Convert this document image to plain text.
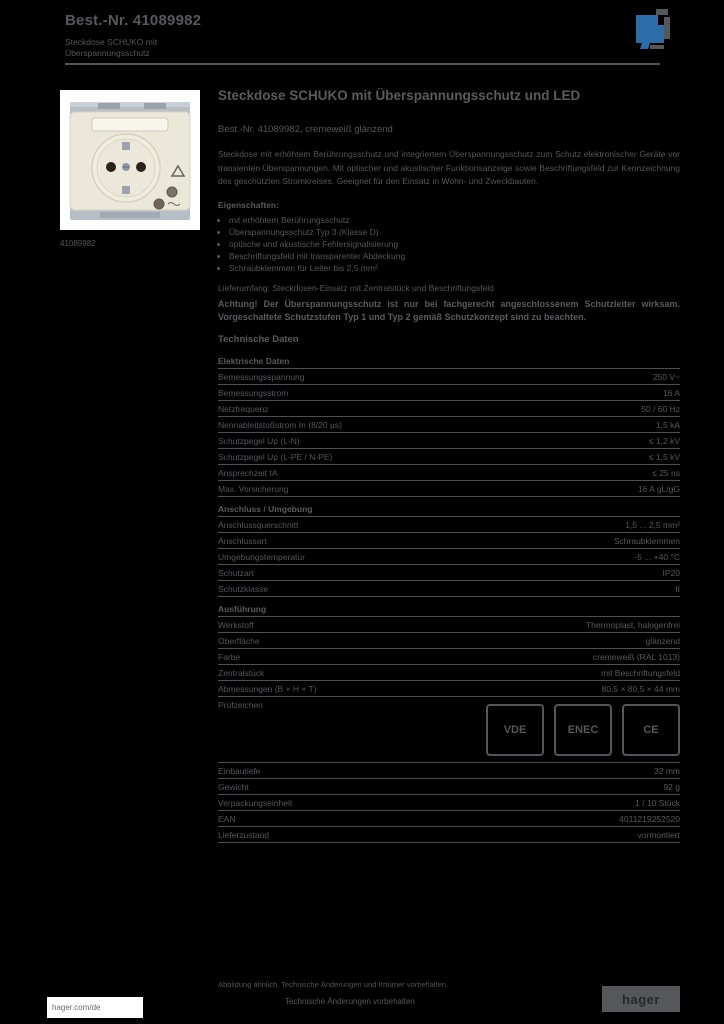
Best.-Nr. 41089982
Steckdose SCHUKO mit
Überspannungsschutz
41089982
Steckdose SCHUKO mit Überspannungsschutz und LED
Best.-Nr. 41089982, cremeweiß glänzend
Steckdose mit erhöhtem Berührungsschutz und integriertem Überspannungsschutz zum Schutz elektronischer Geräte vor transienten Überspannungen. Mit optischer und akustischer Funktionsanzeige sowie Beschriftungsfeld zur Kennzeichnung des geschützten Stromkreises. Geeignet für den Einsatz in Wohn- und Zweckbauten.
Eigenschaften:
• mit erhöhtem Berührungsschutz
• Überspannungsschutz Typ 3 (Klasse D)
• optische und akustische Fehlersignalisierung
• Beschriftungsfeld mit transparenter Abdeckung
• Schraubklemmen für Leiter bis 2,5 mm²
Lieferumfang: Steckdosen-Einsatz mit Zentralstück und Beschriftungsfeld
Achtung! Der Überspannungsschutz ist nur bei fachgerecht angeschlossenem Schutzleiter wirksam. Vorgeschaltete Schutzstufen Typ 1 und Typ 2 gemäß Schutzkonzept sind zu beachten.
Technische Daten
Elektrische Daten	
Bemessungsspannung	250 V~
Bemessungsstrom	16 A
Netzfrequenz	50 / 60 Hz
Nennableitstoßstrom In (8/20 µs)	1,5 kA
Schutzpegel Up (L-N)	≤ 1,2 kV
Schutzpegel Up (L-PE / N-PE)	≤ 1,5 kV
Ansprechzeit tA	≤ 25 ns
Max. Vorsicherung	16 A gL/gG
Anschluss / Umgebung	
Anschlussquerschnitt	1,5 ... 2,5 mm²
Anschlussart	Schraubklemmen
Umgebungstemperatur	-5 ... +40 °C
Schutzart	IP20
Schutzklasse	II
Ausführung	
Werkstoff	Thermoplast, halogenfrei
Oberfläche	glänzend
Farbe	cremeweiß (RAL 1013)
Zentralstück	mit Beschriftungsfeld
Abmessungen (B × H × T)	80,5 × 80,5 × 44 mm
Prüfzeichen	VDE ENEC CE

Einbautiefe	32 mm
Gewicht	92 g
Verpackungseinheit	1 / 10 Stück
EAN	4011219252520
Lieferzustand	vormontiert
Abbildung ähnlich. Technische Änderungen und Irrtümer vorbehalten.
hager.com/de
Technische Änderungen vorbehalten	hager
